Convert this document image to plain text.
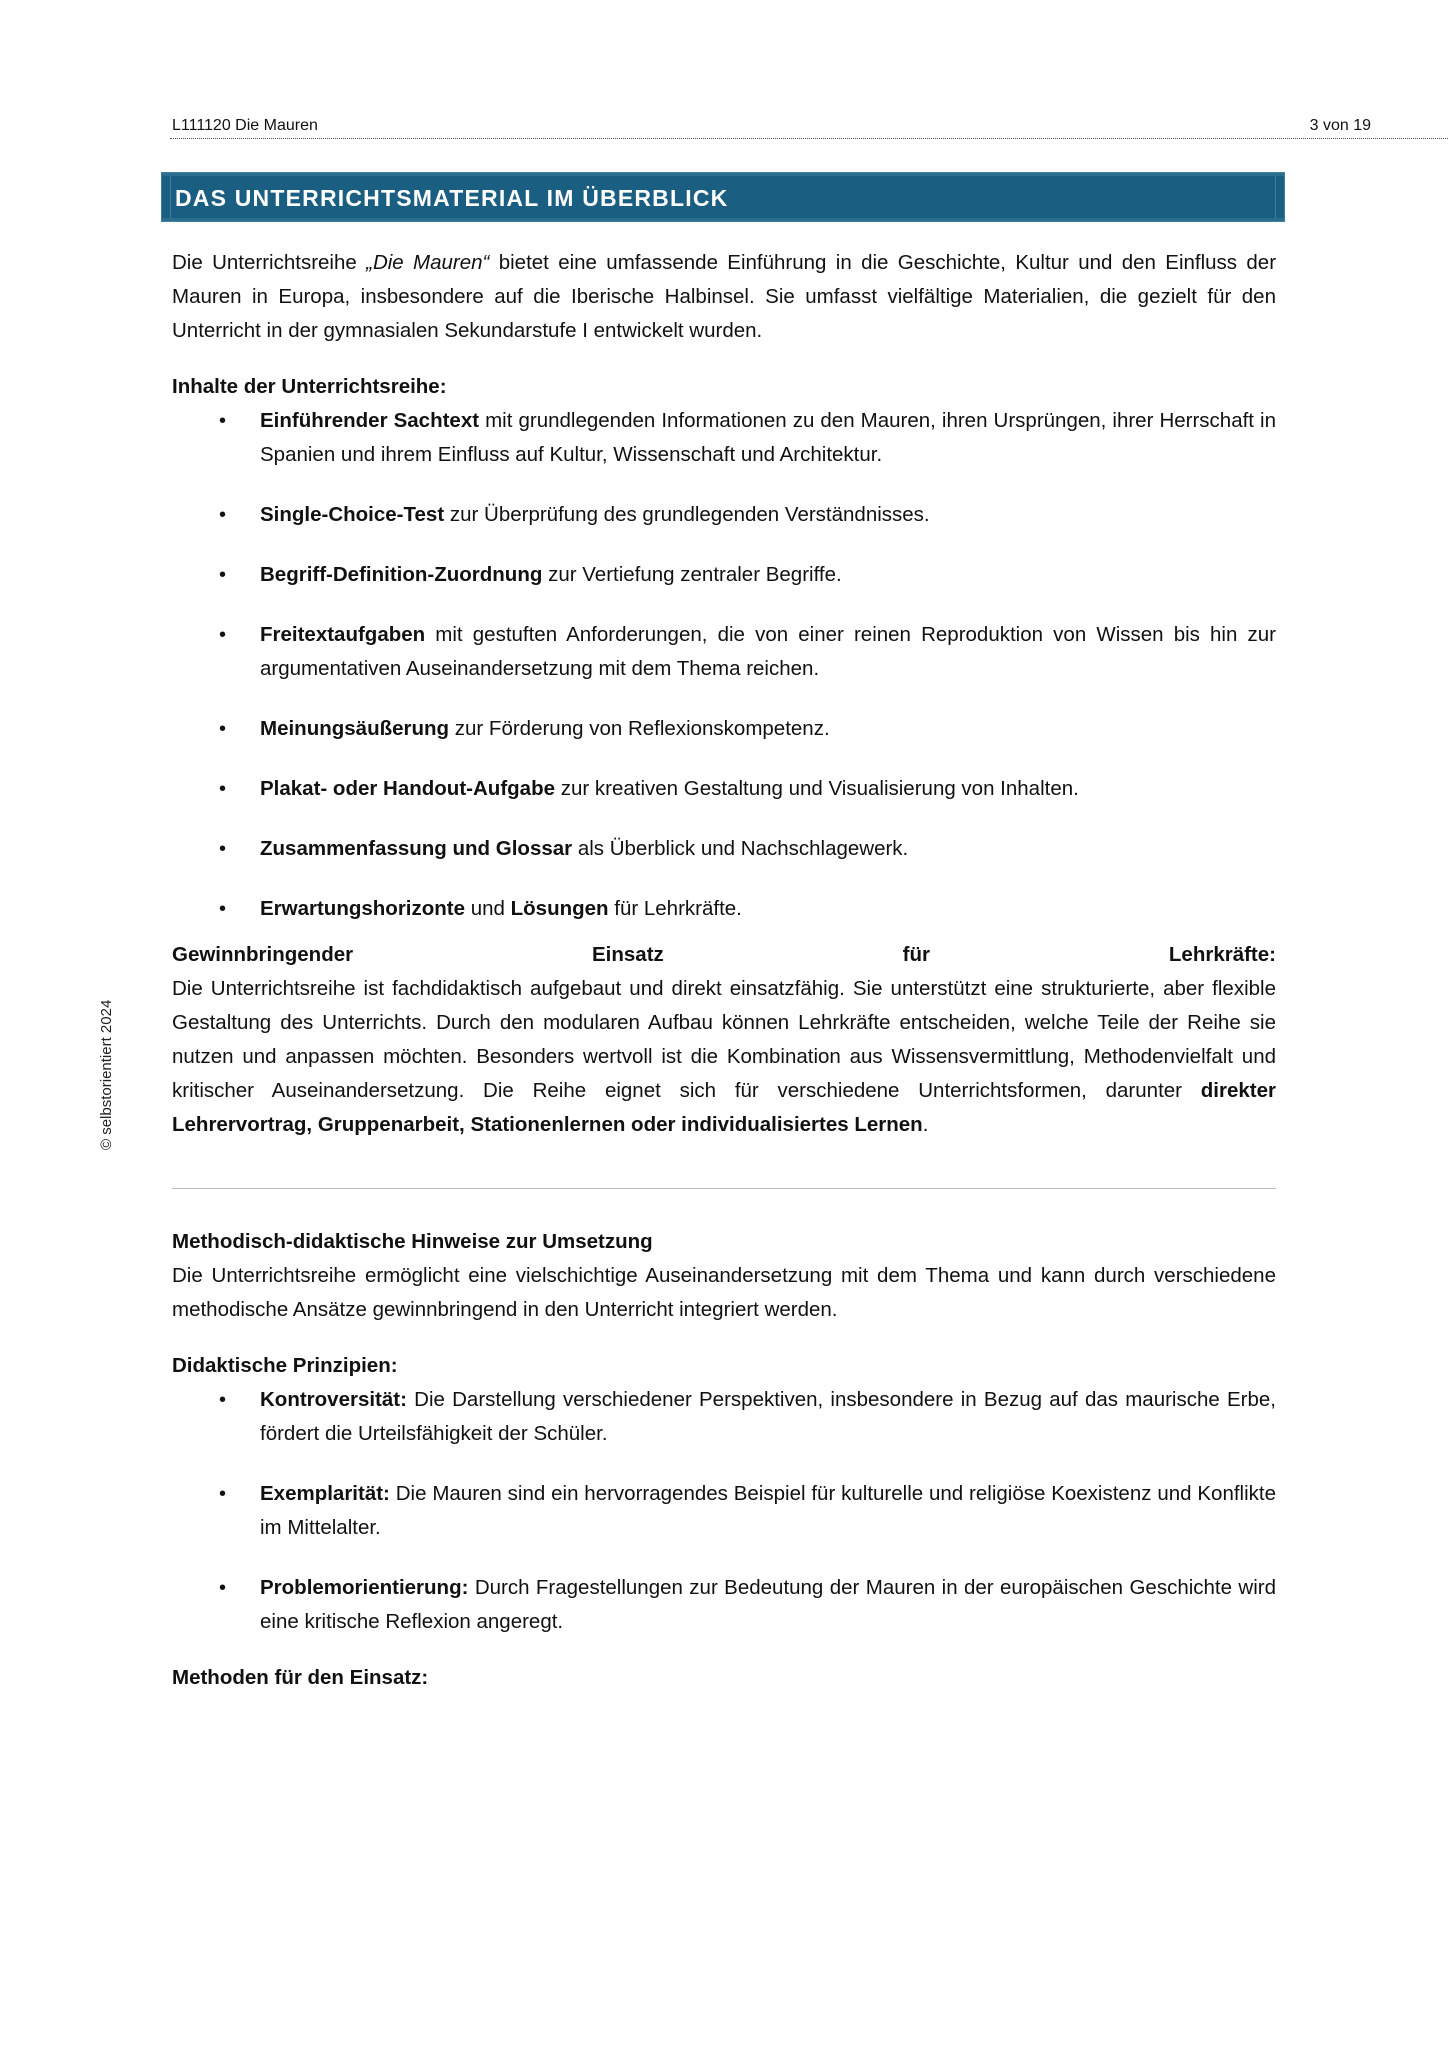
L111120 Die Mauren	3 von 19
© selbstorientiert 2024
DAS UNTERRICHTSMATERIAL IM ÜBERBLICK

Die Unterrichtsreihe „Die Mauren“ bietet eine umfassende Einführung in die Geschichte, Kultur und den Einfluss der Mauren in Europa, insbesondere auf die Iberische Halbinsel. Sie umfasst vielfältige Materialien, die gezielt für den Unterricht in der gymnasialen Sekundarstufe I entwickelt wurden.

Inhalte der Unterrichtsreihe:

• Einführender Sachtext mit grundlegenden Informationen zu den Mauren, ihren Ursprüngen, ihrer Herrschaft in Spanien und ihrem Einfluss auf Kultur, Wissenschaft und Architektur.
• Single-Choice-Test zur Überprüfung des grundlegenden Verständnisses.
• Begriff-Definition-Zuordnung zur Vertiefung zentraler Begriffe.
• Freitextaufgaben mit gestuften Anforderungen, die von einer reinen Reproduktion von Wissen bis hin zur argumentativen Auseinandersetzung mit dem Thema reichen.
• Meinungsäußerung zur Förderung von Reflexionskompetenz.
• Plakat- oder Handout-Aufgabe zur kreativen Gestaltung und Visualisierung von Inhalten.
• Zusammenfassung und Glossar als Überblick und Nachschlagewerk.
• Erwartungshorizonte und Lösungen für Lehrkräfte.
Gewinnbringender	Einsatz	für	Lehrkräfte:

Die Unterrichtsreihe ist fachdidaktisch aufgebaut und direkt einsatzfähig. Sie unterstützt eine strukturierte, aber flexible Gestaltung des Unterrichts. Durch den modularen Aufbau können Lehrkräfte entscheiden, welche Teile der Reihe sie nutzen und anpassen möchten. Besonders wertvoll ist die Kombination aus Wissensvermittlung, Methodenvielfalt und kritischer Auseinandersetzung. Die Reihe eignet sich für verschiedene Unterrichtsformen, darunter direkter Lehrervortrag, Gruppenarbeit, Stationenlernen oder individualisiertes Lernen.

Methodisch-didaktische Hinweise zur Umsetzung

Die Unterrichtsreihe ermöglicht eine vielschichtige Auseinandersetzung mit dem Thema und kann durch verschiedene methodische Ansätze gewinnbringend in den Unterricht integriert werden.

Didaktische Prinzipien:

• Kontroversität: Die Darstellung verschiedener Perspektiven, insbesondere in Bezug auf das maurische Erbe, fördert die Urteilsfähigkeit der Schüler.
• Exemplarität: Die Mauren sind ein hervorragendes Beispiel für kulturelle und religiöse Koexistenz und Konflikte im Mittelalter.
• Problemorientierung: Durch Fragestellungen zur Bedeutung der Mauren in der europäischen Geschichte wird eine kritische Reflexion angeregt.

Methoden für den Einsatz:
